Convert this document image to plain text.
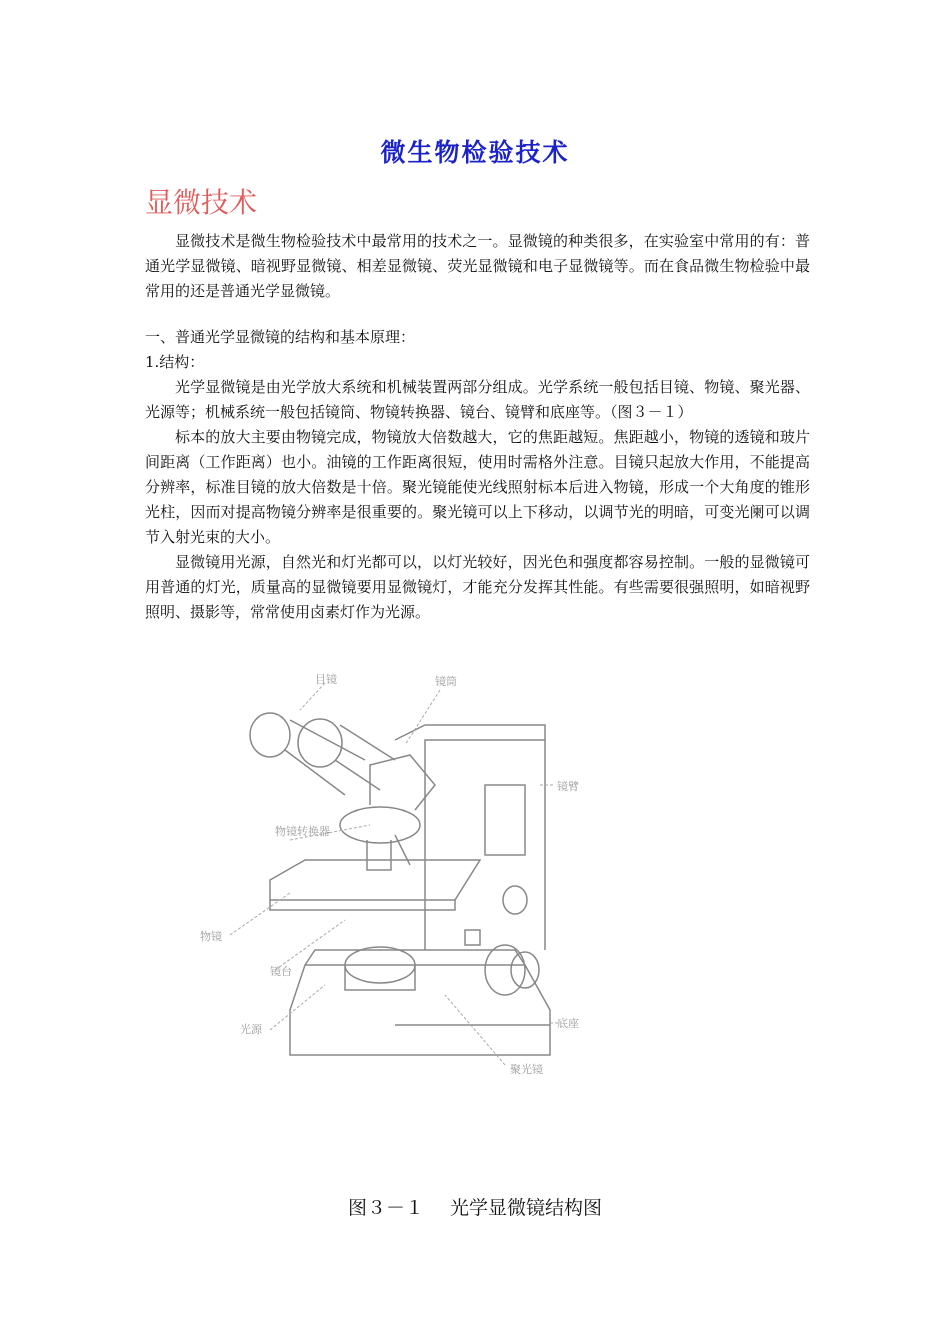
微生物检验技术
显微技术

显微技术是微生物检验技术中最常用的技术之一。显微镜的种类很多，在实验室中常用的有：普通光学显微镜、暗视野显微镜、相差显微镜、荧光显微镜和电子显微镜等。而在食品微生物检验中最常用的还是普通光学显微镜。

一、普通光学显微镜的结构和基本原理：

1.结构：

光学显微镜是由光学放大系统和机械装置两部分组成。光学系统一般包括目镜、物镜、聚光器、光源等；机械系统一般包括镜筒、物镜转换器、镜台、镜臂和底座等。（图３－１）

标本的放大主要由物镜完成，物镜放大倍数越大，它的焦距越短。焦距越小，物镜的透镜和玻片间距离（工作距离）也小。油镜的工作距离很短，使用时需格外注意。目镜只起放大作用，不能提高分辨率，标准目镜的放大倍数是十倍。聚光镜能使光线照射标本后进入物镜，形成一个大角度的锥形光柱，因而对提高物镜分辨率是很重要的。聚光镜可以上下移动，以调节光的明暗，可变光阑可以调节入射光束的大小。

显微镜用光源，自然光和灯光都可以，以灯光较好，因光色和强度都容易控制。一般的显微镜可用普通的灯光，质量高的显微镜要用显微镜灯，才能充分发挥其性能。有些需要很强照明，如暗视野照明、摄影等，常常使用卤素灯作为光源。

目镜	镜筒
镜臂
物镜转换器
物镜
镜台
光源	底座
聚光镜
图３－１ 光学显微镜结构图
